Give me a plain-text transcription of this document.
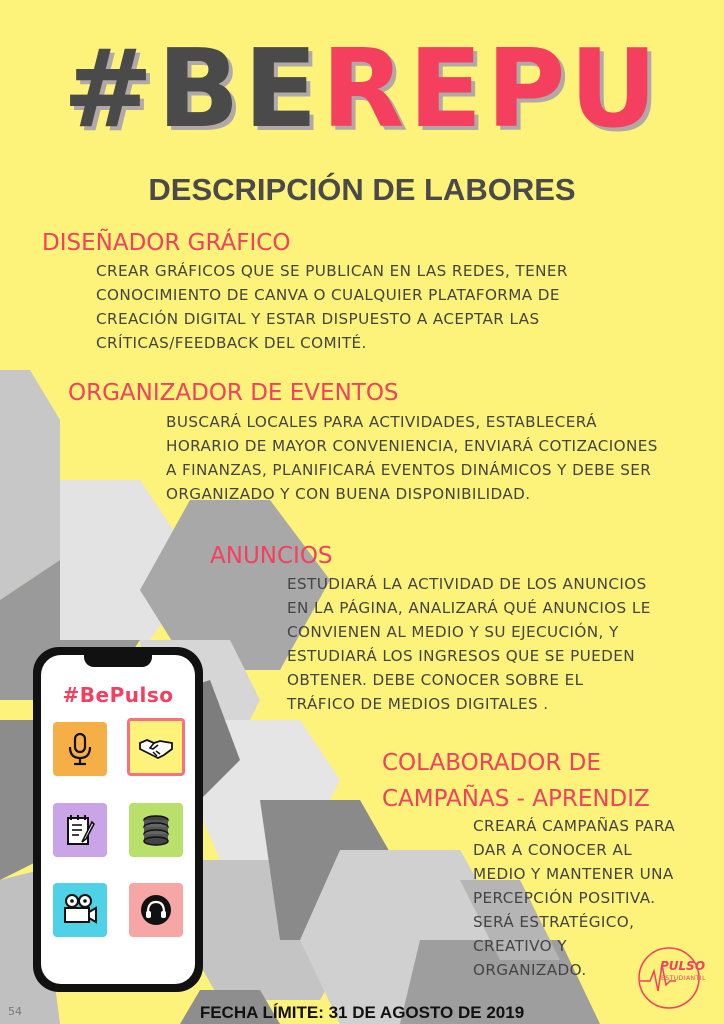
#BEREPU
DESCRIPCIÓN DE LABORES
DISEÑADOR GRÁFICO
CREAR GRÁFICOS QUE SE PUBLICAN EN LAS REDES, TENER
CONOCIMIENTO DE CANVA O CUALQUIER PLATAFORMA DE
CREACIÓN DIGITAL Y ESTAR DISPUESTO A ACEPTAR LAS
CRÍTICAS/FEEDBACK DEL COMITÉ.
ORGANIZADOR DE EVENTOS
BUSCARÁ LOCALES PARA ACTIVIDADES, ESTABLECERÁ
HORARIO DE MAYOR CONVENIENCIA, ENVIARÁ COTIZACIONES
A FINANZAS, PLANIFICARÁ EVENTOS DINÁMICOS Y DEBE SER
ORGANIZADO Y CON BUENA DISPONIBILIDAD.
ANUNCIOS
ESTUDIARÁ LA ACTIVIDAD DE LOS ANUNCIOS
EN LA PÁGINA, ANALIZARÁ QUÉ ANUNCIOS LE
CONVIENEN AL MEDIO Y SU EJECUCIÓN, Y
ESTUDIARÁ LOS INGRESOS QUE SE PUEDEN
OBTENER. DEBE CONOCER SOBRE EL
TRÁFICO DE MEDIOS DIGITALES .
COLABORADOR DE
CAMPAÑAS - APRENDIZ
CREARÁ CAMPAÑAS PARA
DAR A CONOCER AL
MEDIO Y MANTENER UNA
PERCEPCIÓN POSITIVA.
SERÁ ESTRATÉGICO,
CREATIVO Y
ORGANIZADO.
#BePulso
PULSO
ESTUDIANTIL
FECHA LÍMITE: 31 DE AGOSTO DE 2019
54
